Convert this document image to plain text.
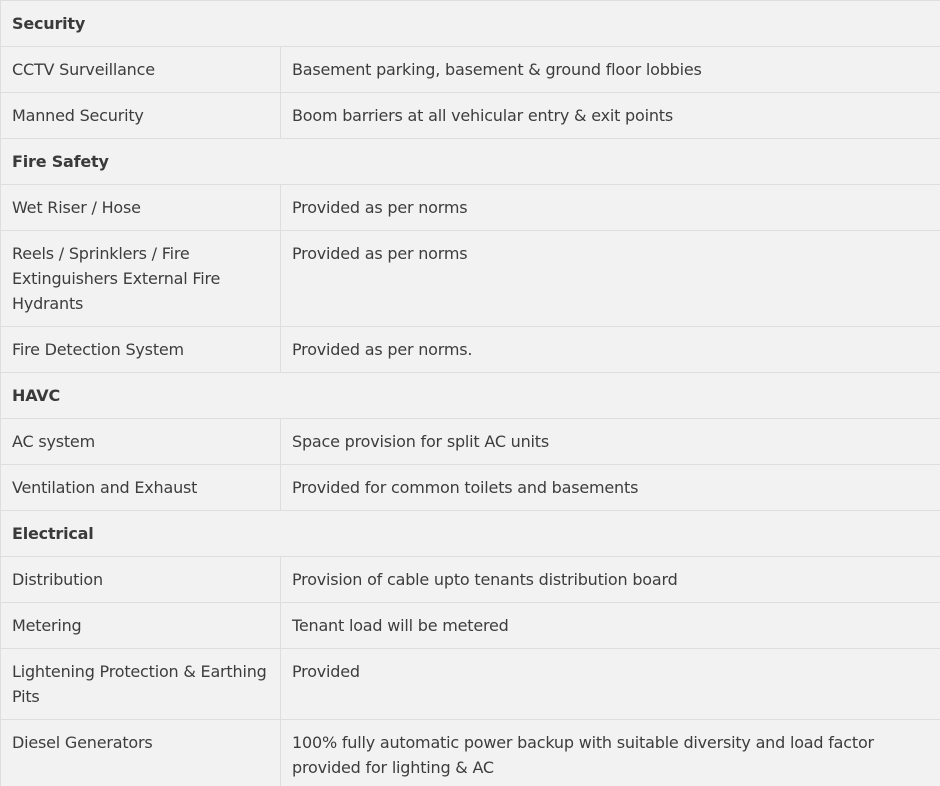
Security	
CCTV Surveillance	Basement parking, basement & ground floor lobbies
Manned Security	Boom barriers at all vehicular entry & exit points
Fire Safety	
Wet Riser / Hose	Provided as per norms
Reels / Sprinklers / Fire Extinguishers External Fire Hydrants	Provided as per norms
Fire Detection System	Provided as per norms.
HAVC	
AC system	Space provision for split AC units
Ventilation and Exhaust	Provided for common toilets and basements
Electrical	
Distribution	Provision of cable upto tenants distribution board
Metering	Tenant load will be metered
Lightening Protection & Earthing Pits	Provided
Diesel Generators	100% fully automatic power backup with suitable diversity and load factor provided for lighting & AC
